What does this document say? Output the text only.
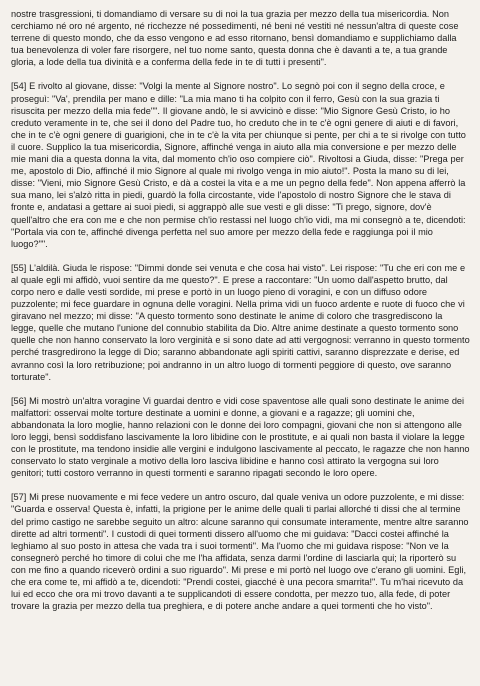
nostre trasgressioni, ti domandiamo di versare su di noi la tua grazia per mezzo della tua misericordia. Non cerchiamo né oro né argento, né ricchezze né possedimenti, né beni né vestiti né nessun'altra di queste cose terrene di questo mondo, che da esso vengono e ad esso ritornano, bensì domandiamo e supplichiamo dalla tua benevolenza di voler fare risorgere, nel tuo nome santo, questa donna che è davanti a te, a tua grande gloria, a lode della tua divinità e a conferma della fede in te di tutti i presenti".

[54] E rivolto al giovane, disse: "Volgi la mente al Signore nostro". Lo segnò poi con il segno della croce, e proseguì: "Va', prendila per mano e dille: "La mia mano ti ha colpito con il ferro, Gesù con la sua grazia ti risuscita per mezzo della mia fede"". Il giovane andò, le si avvicinò e disse: "Mio Signore Gesù Cristo, io ho creduto veramente in te, che sei il dono del Padre tuo, ho creduto che in te c'è ogni genere di aiuti e di favori, che in te c'è ogni genere di guarigioni, che in te c'è la vita per chiunque si pente, per chi a te si rivolge con tutto il cuore. Supplico la tua misericordia, Signore, affinché venga in aiuto alla mia conversione e per mezzo delle mie mani dia a questa donna la vita, dal momento ch'io oso compiere ciò". Rivoltosi a Giuda, disse: "Prega per me, apostolo di Dio, affinché il mio Signore al quale mi rivolgo venga in mio aiuto!". Posta la mano su di lei, disse: "Vieni, mio Signore Gesù Cristo, e dà a costei la vita e a me un pegno della fede". Non appena afferrò la sua mano, lei s'alzò ritta in piedi, guardò la folla circostante, vide l'apostolo di nostro Signore che le stava di fronte e, andatasi a gettare ai suoi piedi, si aggrappò alle sue vesti e gli disse: "Ti prego, signore, dov'è quell'altro che era con me e che non permise ch'io restassi nel luogo ch'io vidi, ma mi consegnò a te, dicendoti: "Portala via con te, affinché divenga perfetta nel suo amore per mezzo della fede e raggiunga poi il mio luogo?"".

[55] L'aldilà. Giuda le rispose: "Dimmi donde sei venuta e che cosa hai visto". Lei rispose: "Tu che eri con me e al quale egli mi affidò, vuoi sentire da me questo?". E prese a raccontare: "Un uomo dall'aspetto brutto, dal corpo nero e dalle vesti sordide, mi prese e portò in un luogo pieno di voragini, e con un diffuso odore puzzolente; mi fece guardare in ognuna delle voragini. Nella prima vidi un fuoco ardente e ruote di fuoco che vi giravano nel mezzo; mi disse: "A questo tormento sono destinate le anime di coloro che trasgrediscono la legge, quelle che mutano l'unione del connubio stabilita da Dio. Altre anime destinate a questo tormento sono quelle che non hanno conservato la loro verginità e si sono date ad atti vergognosi: verranno in questo tormento perché trasgredirono la legge di Dio; saranno abbandonate agli spiriti cattivi, saranno disprezzate e derise, ed avranno così la loro retribuzione; poi andranno in un altro luogo di tormenti peggiore di questo, ove saranno torturate".

[56] Mi mostrò un'altra voragine Vi guardai dentro e vidi cose spaventose alle quali sono destinate le anime dei malfattori: osservai molte torture destinate a uomini e donne, a giovani e a ragazze; gli uomini che, abbandonata la loro moglie, hanno relazioni con le donne dei loro compagni, giovani che non si attengono alle loro leggi, bensì soddisfano lascivamente la loro libidine con le prostitute, e ai quali non basta il violare la legge con le prostitute, ma tendono insidie alle vergini e indulgono lascivamente al peccato, le ragazze che non hanno conservato lo stato verginale a motivo della loro lasciva libidine e hanno così attirato la vergogna sui loro genitori; tutti costoro verranno in questi tormenti e saranno ripagati secondo le loro opere.

[57] Mi prese nuovamente e mi fece vedere un antro oscuro, dal quale veniva un odore puzzolente, e mi disse: "Guarda e osserva! Questa è, infatti, la prigione per le anime delle quali ti parlai allorché ti dissi che al termine del primo castigo ne sarebbe seguito un altro: alcune saranno qui consumate interamente, mentre altre saranno dirette ad altri tormenti". I custodi di quei tormenti dissero all'uomo che mi guidava: "Dacci costei affinché la leghiamo al suo posto in attesa che vada tra i suoi tormenti". Ma l'uomo che mi guidava rispose: "Non ve la consegnerò perché ho timore di colui che me l'ha affidata, senza darmi l'ordine di lasciarla qui; la riporterò su con me fino a quando riceverò ordini a suo riguardo". Mi prese e mi portò nel luogo ove c'erano gli uomini. Egli, che era come te, mi affidò a te, dicendoti: "Prendi costei, giacché è una pecora smarrita!". Tu m'hai ricevuto da lui ed ecco che ora mi trovo davanti a te supplicandoti di essere condotta, per mezzo tuo, alla fede, di poter trovare la grazia per mezzo della tua preghiera, e di potere anche andare a quei tormenti che ho visto".
